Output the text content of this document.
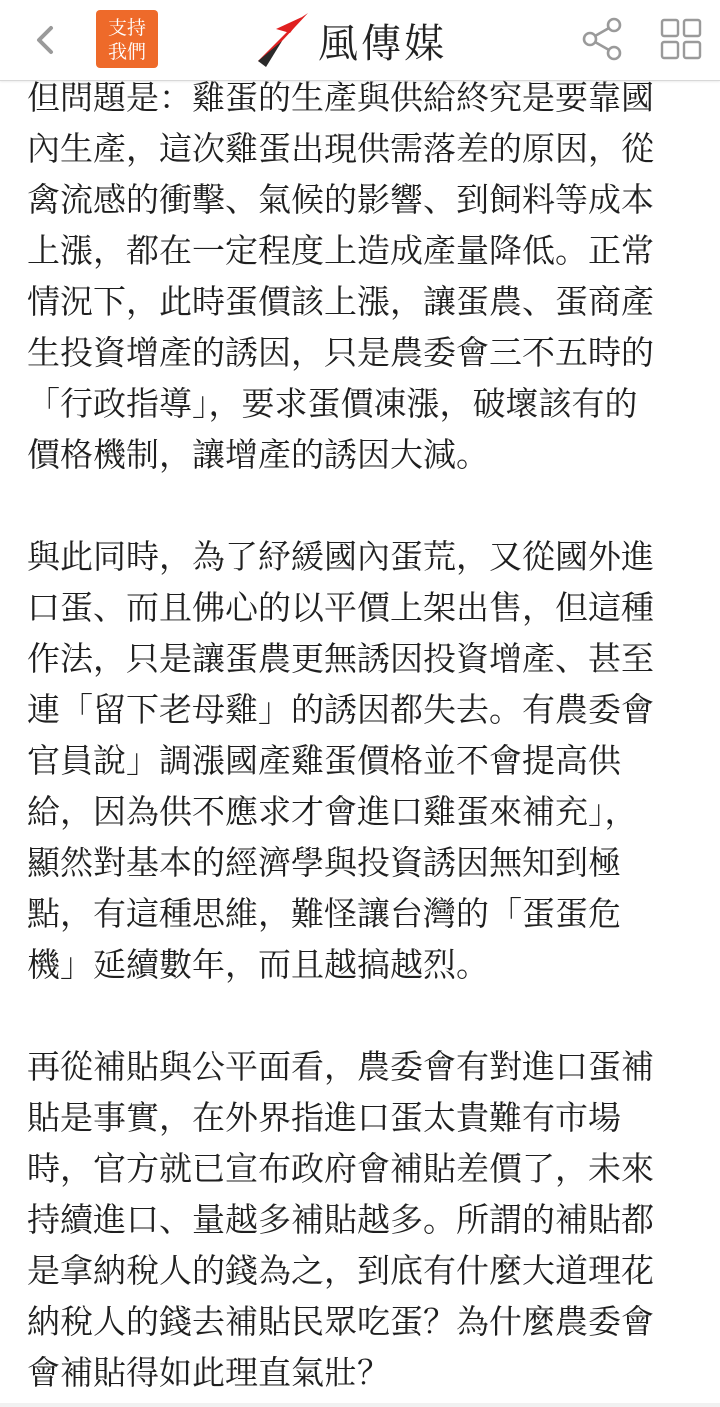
支持
我們	風傳媒
但問題是：雞蛋的生產與供給終究是要靠國
內生產，這次雞蛋出現供需落差的原因，從
禽流感的衝擊、氣候的影響、到飼料等成本
上漲，都在一定程度上造成產量降低。正常
情況下，此時蛋價該上漲，讓蛋農、蛋商產
生投資增產的誘因，只是農委會三不五時的
「行政指導」，要求蛋價凍漲，破壞該有的
價格機制，讓增產的誘因大減。
與此同時，為了紓緩國內蛋荒，又從國外進
口蛋、而且佛心的以平價上架出售，但這種
作法，只是讓蛋農更無誘因投資增產、甚至
連「留下老母雞」的誘因都失去。有農委會
官員說」調漲國產雞蛋價格並不會提高供
給，因為供不應求才會進口雞蛋來補充」，
顯然對基本的經濟學與投資誘因無知到極
點，有這種思維，難怪讓台灣的「蛋蛋危
機」延續數年，而且越搞越烈。
再從補貼與公平面看，農委會有對進口蛋補
貼是事實，在外界指進口蛋太貴難有市場
時，官方就已宣布政府會補貼差價了，未來
持續進口、量越多補貼越多。所謂的補貼都
是拿納稅人的錢為之，到底有什麼大道理花
納稅人的錢去補貼民眾吃蛋？為什麼農委會
會補貼得如此理直氣壯？
